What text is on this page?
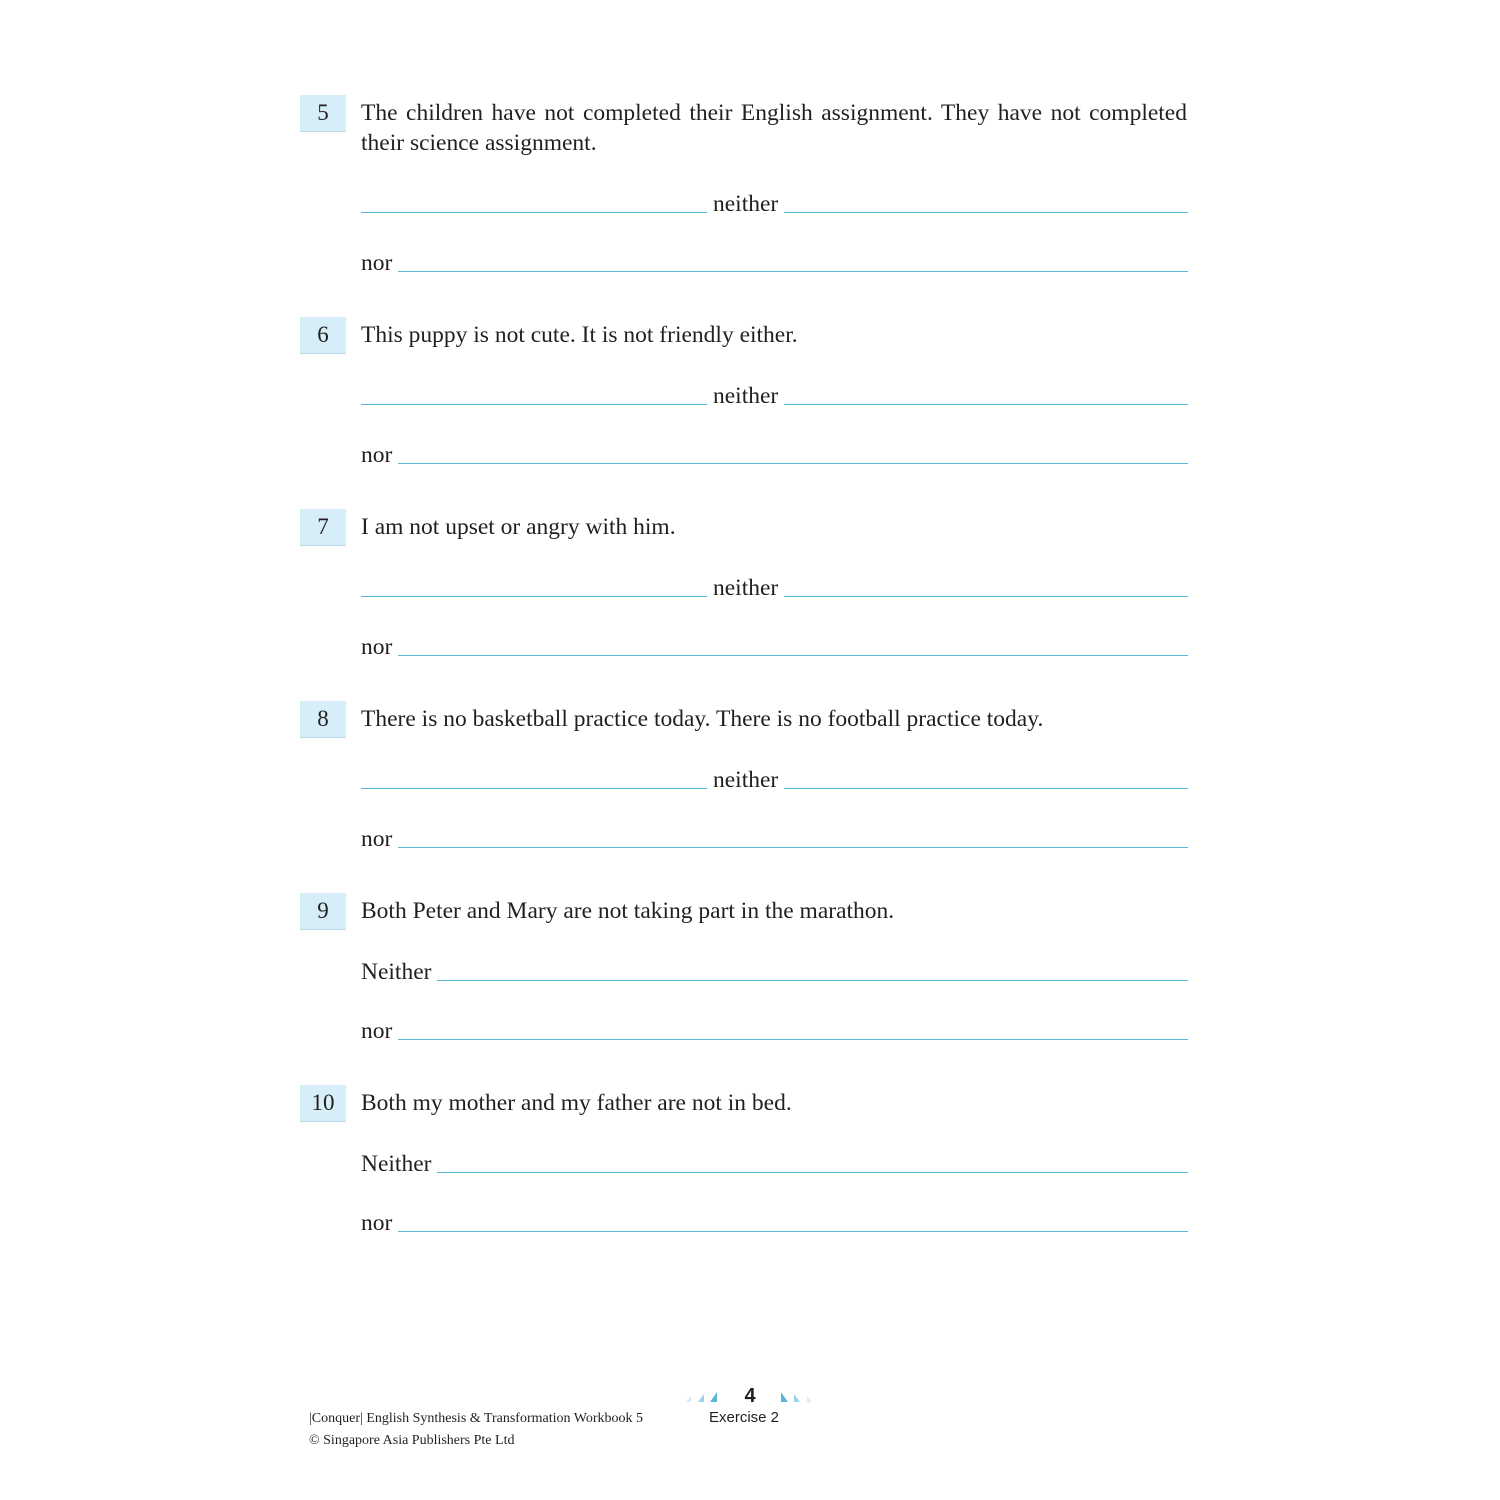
5	The children have not completed their English assignment. They have not completed their science assignment.
neither
nor
6	This puppy is not cute. It is not friendly either.
neither
nor
7	I am not upset or angry with him.
neither
nor
8	There is no basketball practice today. There is no football practice today.
neither
nor
9	Both Peter and Mary are not taking part in the marathon.
Neither
nor
10	Both my mother and my father are not in bed.
Neither
nor
4
Exercise 2
|Conquer| English Synthesis & Transformation Workbook 5
© Singapore Asia Publishers Pte Ltd
